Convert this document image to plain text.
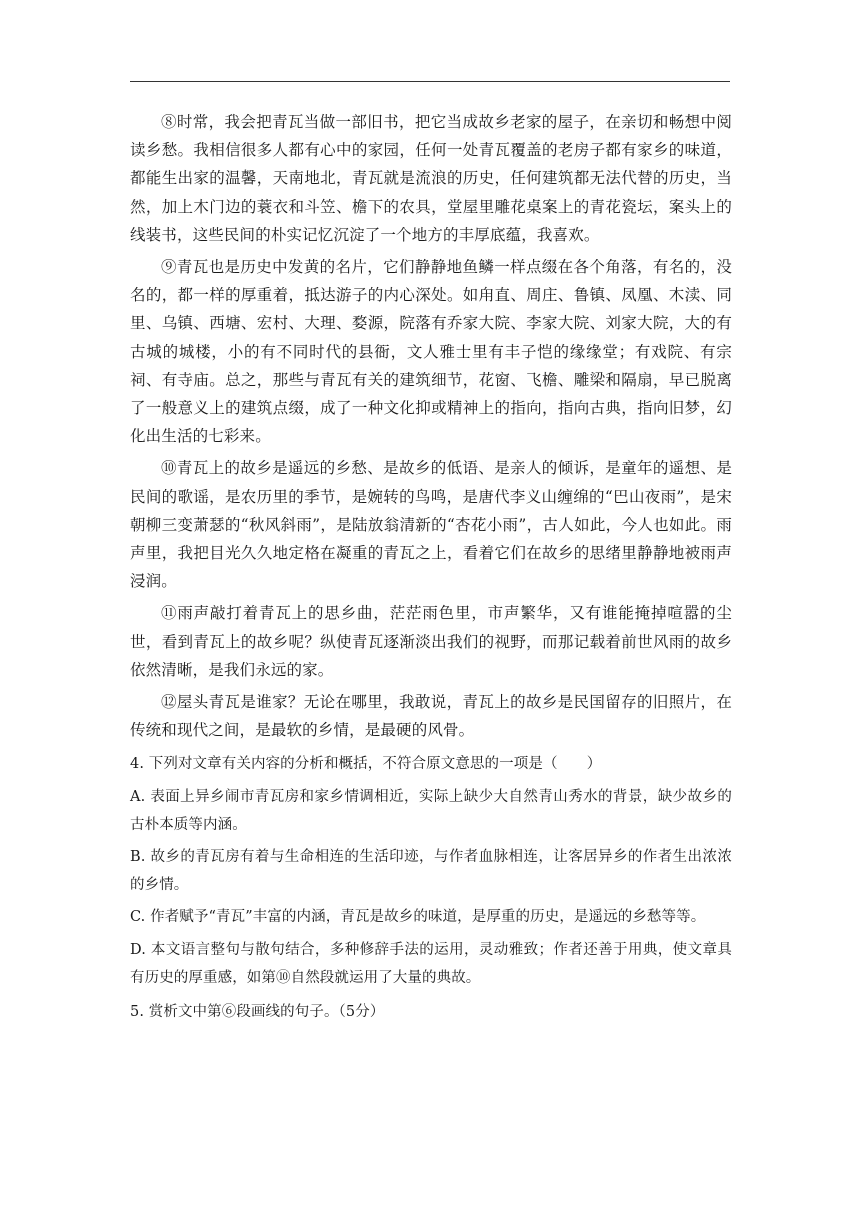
⑧时常，我会把青瓦当做一部旧书，把它当成故乡老家的屋子，在亲切和畅想中阅读乡愁。我相信很多人都有心中的家园，任何一处青瓦覆盖的老房子都有家乡的味道，都能生出家的温馨，天南地北，青瓦就是流浪的历史，任何建筑都无法代替的历史，当然，加上木门边的蓑衣和斗笠、檐下的农具，堂屋里雕花桌案上的青花瓷坛，案头上的线装书，这些民间的朴实记忆沉淀了一个地方的丰厚底蕴，我喜欢。

⑨青瓦也是历史中发黄的名片，它们静静地鱼鳞一样点缀在各个角落，有名的，没名的，都一样的厚重着，抵达游子的内心深处。如甪直、周庄、鲁镇、凤凰、木渎、同里、乌镇、西塘、宏村、大理、婺源，院落有乔家大院、李家大院、刘家大院，大的有古城的城楼，小的有不同时代的县衙，文人雅士里有丰子恺的缘缘堂；有戏院、有宗祠、有寺庙。总之，那些与青瓦有关的建筑细节，花窗、飞檐、雕梁和隔扇，早已脱离了一般意义上的建筑点缀，成了一种文化抑或精神上的指向，指向古典，指向旧梦，幻化出生活的七彩来。

⑩青瓦上的故乡是遥远的乡愁、是故乡的低语、是亲人的倾诉，是童年的遥想、是民间的歌谣，是农历里的季节，是婉转的鸟鸣，是唐代李义山缠绵的“巴山夜雨”，是宋朝柳三变萧瑟的“秋风斜雨”，是陆放翁清新的“杏花小雨”，古人如此，今人也如此。雨声里，我把目光久久地定格在凝重的青瓦之上，看着它们在故乡的思绪里静静地被雨声浸润。

⑪雨声敲打着青瓦上的思乡曲，茫茫雨色里，市声繁华，又有谁能掩掉喧嚣的尘世，看到青瓦上的故乡呢？纵使青瓦逐渐淡出我们的视野，而那记载着前世风雨的故乡依然清晰，是我们永远的家。

⑫屋头青瓦是谁家？无论在哪里，我敢说，青瓦上的故乡是民国留存的旧照片，在传统和现代之间，是最软的乡情，是最硬的风骨。

4. 下列对文章有关内容的分析和概括，不符合原文意思的一项是（　　）

A. 表面上异乡闹市青瓦房和家乡情调相近，实际上缺少大自然青山秀水的背景，缺少故乡的古朴本质等内涵。

B. 故乡的青瓦房有着与生命相连的生活印迹，与作者血脉相连，让客居异乡的作者生出浓浓的乡情。

C. 作者赋予“青瓦”丰富的内涵，青瓦是故乡的味道，是厚重的历史，是遥远的乡愁等等。

D. 本文语言整句与散句结合，多种修辞手法的运用，灵动雅致；作者还善于用典，使文章具有历史的厚重感，如第⑩自然段就运用了大量的典故。

5. 赏析文中第⑥段画线的句子。（5分）
